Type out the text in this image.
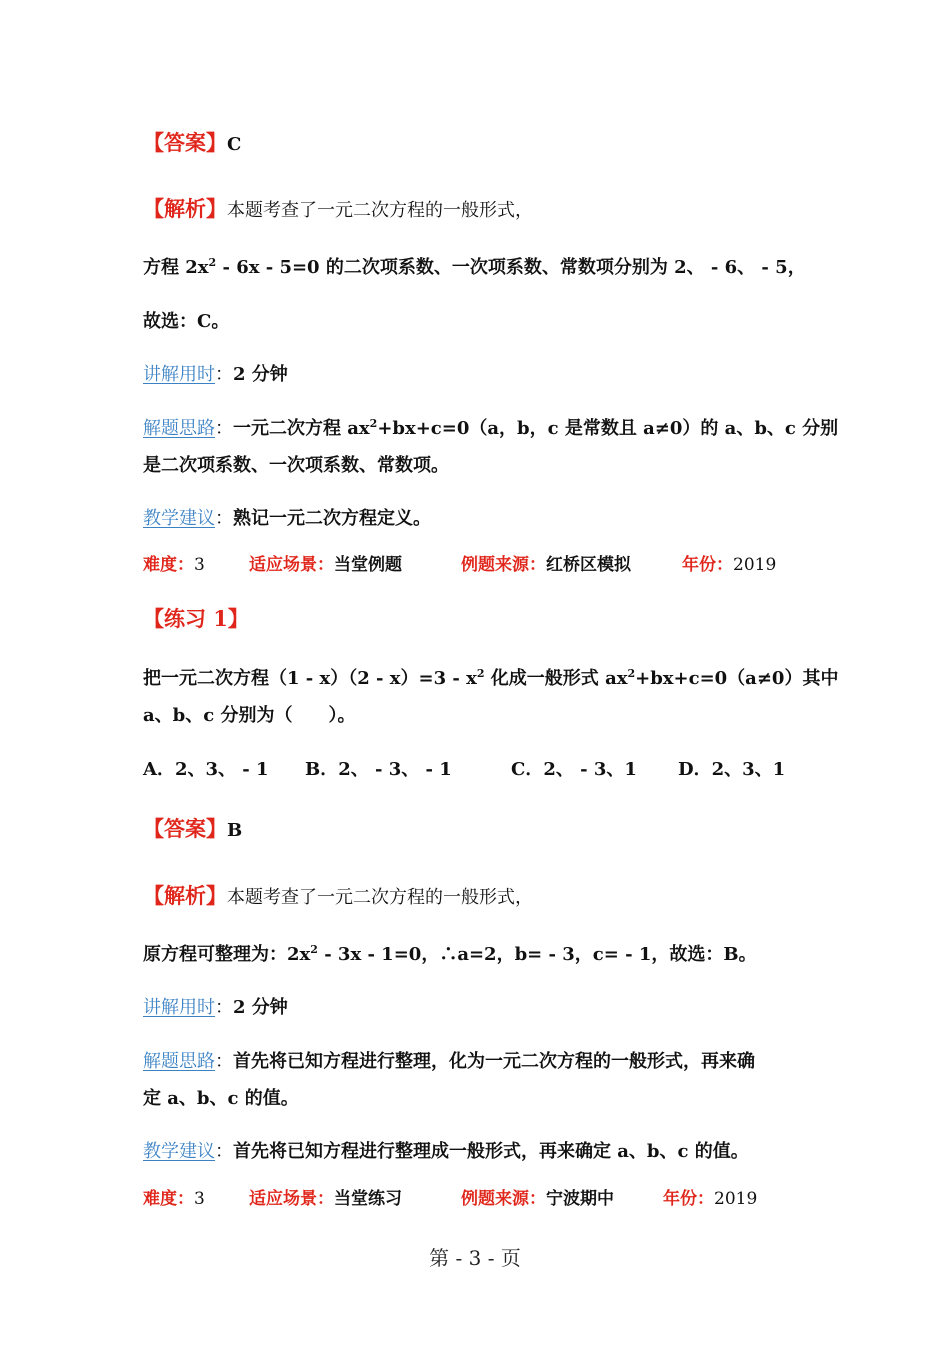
【答案】C
【解析】本题考查了一元二次方程的一般形式，
方程 $2x^2 - 6x - 5=0$ 的二次项系数、一次项系数、常数项分别为 2、 - 6、 - 5，
故选：C。
讲解用时：2 分钟
解题思路：一元二次方程 $ax^2+bx+c=0(a$，b，c 是常数且 a≠0）的 a、b、c 分别
是二次项系数、一次项系数、常数项。
教学建议：熟记一元二次方程定义。
难度：3	适应场景：当堂例题	例题来源：红桥区模拟	年份：2019
【练习 1】
把一元二次方程$(1 - x)(2 - x)=3 - x^2$ 化成一般形式 $ax^2+bx+c=0(a\ne 0)$其中
a、b、c 分别为（　　）。
A．2、3、 - 1 B．2、 - 3、 - 1	C．2、 - 3、1 D．2、3、1
【答案】B
【解析】本题考查了一元二次方程的一般形式，
原方程可整理为：$2x^2 - 3x - 1=0$，∴a=2，b= - 3，c= - 1，故选：B。
讲解用时：2 分钟
解题思路：首先将已知方程进行整理，化为一元二次方程的一般形式，再来确
定 a、b、c 的值。
教学建议：首先将已知方程进行整理成一般形式，再来确定 a、b、c 的值。
难度：3	适应场景：当堂练习	例题来源：宁波期中	年份：2019
第 - 3 - 页
